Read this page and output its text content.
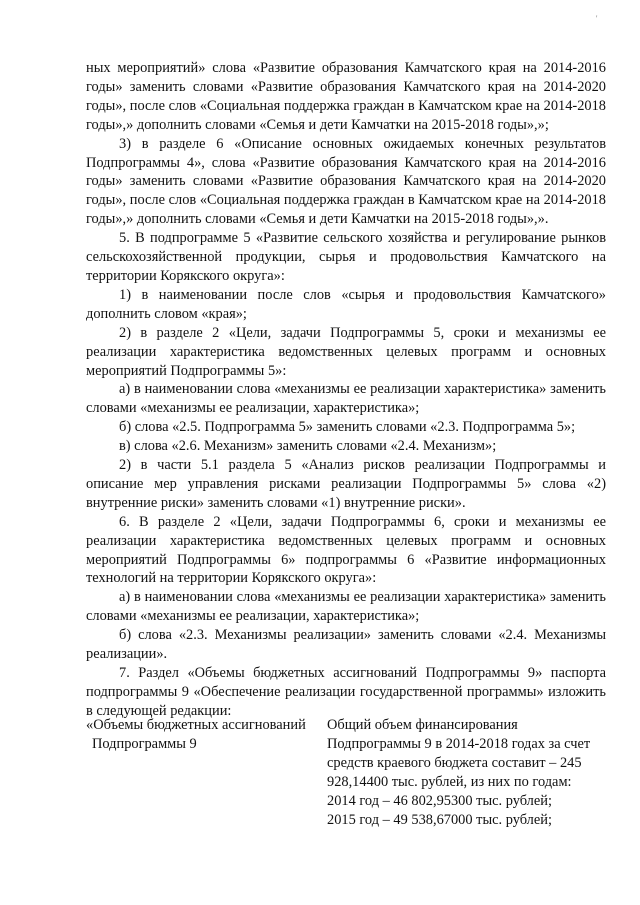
'

ных мероприятий» слова «Развитие образования Камчатского края на 2014-2016 годы» заменить словами «Развитие образования Камчатского края на 2014-2020 годы», после слов «Социальная поддержка граждан в Камчатском крае на 2014-2018 годы»,» дополнить словами «Семья и дети Камчатки на 2015-2018 годы»,»;

3) в разделе 6 «Описание основных ожидаемых конечных результатов Подпрограммы 4», слова «Развитие образования Камчатского края на 2014-2016 годы» заменить словами «Развитие образования Камчатского края на 2014-2020 годы», после слов «Социальная поддержка граждан в Камчатском крае на 2014-2018 годы»,» дополнить словами «Семья и дети Камчатки на 2015-2018 годы»,».

5. В подпрограмме 5 «Развитие сельского хозяйства и регулирование рынков сельскохозяйственной продукции, сырья и продовольствия Камчатского на территории Корякского округа»:

1) в наименовании после слов «сырья и продовольствия Камчатского» дополнить словом «края»;

2) в разделе 2 «Цели, задачи Подпрограммы 5, сроки и механизмы ее реализации характеристика ведомственных целевых программ и основных мероприятий Подпрограммы 5»:

а) в наименовании слова «механизмы ее реализации характеристика» заменить словами «механизмы ее реализации, характеристика»;

б) слова «2.5. Подпрограмма 5» заменить словами «2.3. Подпрограмма 5»;

в) слова «2.6. Механизм» заменить словами «2.4. Механизм»;

2) в части 5.1 раздела 5 «Анализ рисков реализации Подпрограммы и описание мер управления рисками реализации Подпрограммы 5» слова «2) внутренние риски» заменить словами «1) внутренние риски».

6. В разделе 2 «Цели, задачи Подпрограммы 6, сроки и механизмы ее реализации характеристика ведомственных целевых программ и основных мероприятий Подпрограммы 6» подпрограммы 6 «Развитие информационных технологий на территории Корякского округа»:

а) в наименовании слова «механизмы ее реализации характеристика» заменить словами «механизмы ее реализации, характеристика»;

б) слова «2.3. Механизмы реализации» заменить словами «2.4. Механизмы реализации».

7. Раздел «Объемы бюджетных ассигнований Подпрограммы 9» паспорта подпрограммы 9 «Обеспечение реализации государственной программы» изложить в следующей редакции:

«Объемы бюджетных ассигнований

Подпрограммы 9

Общий объем финансирования Подпрограммы 9 в 2014-2018 годах за счет средств краевого бюджета составит – 245 928,14400 тыс. рублей, из них по годам:

2014 год – 46 802,95300 тыс. рублей;

2015 год – 49 538,67000 тыс. рублей;
